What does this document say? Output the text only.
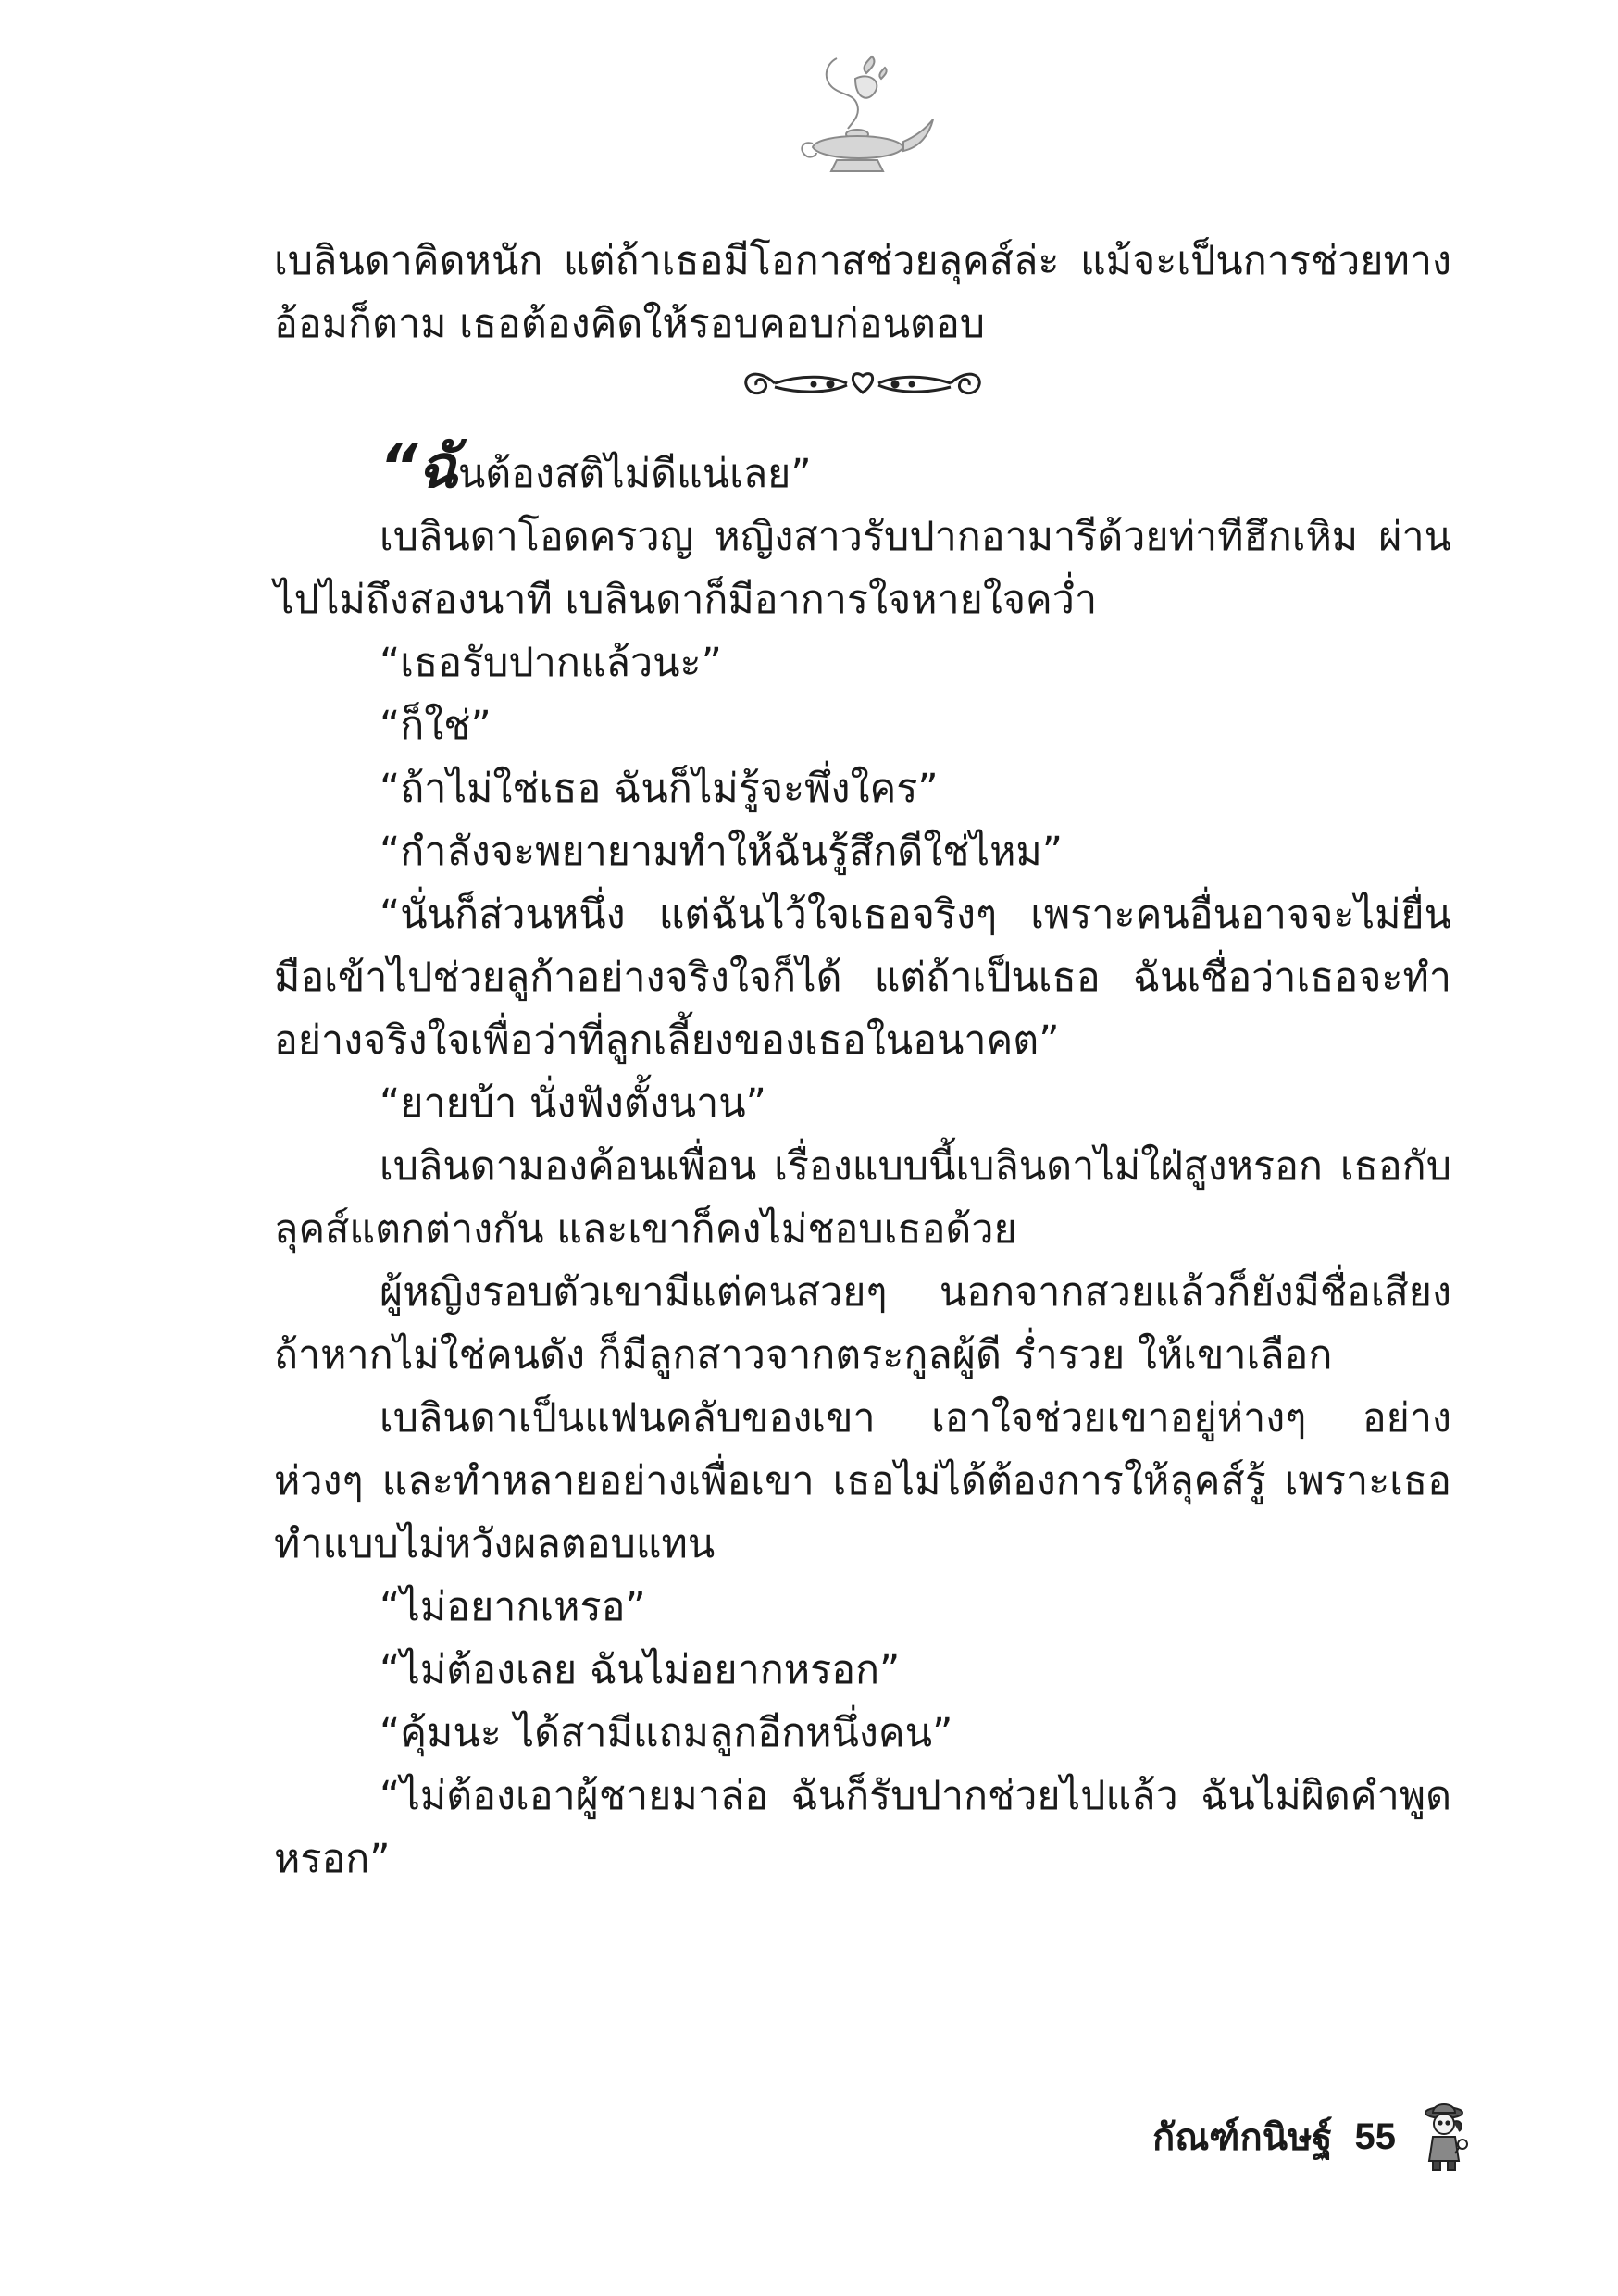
เบลินดาคิดหนัก แต่ถ้าเธอมีโอกาสช่วยลุคส์ล่ะ แม้จะเป็นการช่วยทางอ้อมก็ตาม เธอต้องคิดให้รอบคอบก่อนตอบ

“ฉันต้องสติไม่ดีแน่เลย”

เบลินดาโอดครวญ หญิงสาวรับปากอามารีด้วยท่าทีฮึกเหิม ผ่านไปไม่ถึงสองนาที เบลินดาก็มีอาการใจหายใจคว่ำ

“เธอรับปากแล้วนะ”

“ก็ใช่”

“ถ้าไม่ใช่เธอ ฉันก็ไม่รู้จะพึ่งใคร”

“กำลังจะพยายามทำให้ฉันรู้สึกดีใช่ไหม”

“นั่นก็ส่วนหนึ่ง แต่ฉันไว้ใจเธอจริงๆ เพราะคนอื่นอาจจะไม่ยื่นมือเข้าไปช่วยลูก้าอย่างจริงใจก็ได้ แต่ถ้าเป็นเธอ ฉันเชื่อว่าเธอจะทำอย่างจริงใจเพื่อว่าที่ลูกเลี้ยงของเธอในอนาคต”

“ยายบ้า นั่งฟังตั้งนาน”

เบลินดามองค้อนเพื่อน เรื่องแบบนี้เบลินดาไม่ใฝ่สูงหรอก เธอกับลุคส์แตกต่างกัน และเขาก็คงไม่ชอบเธอด้วย

ผู้หญิงรอบตัวเขามีแต่คนสวยๆ นอกจากสวยแล้วก็ยังมีชื่อเสียง ถ้าหากไม่ใช่คนดัง ก็มีลูกสาวจากตระกูลผู้ดี ร่ำรวย ให้เขาเลือก

เบลินดาเป็นแฟนคลับของเขา เอาใจช่วยเขาอยู่ห่างๆ อย่างห่วงๆ และทำหลายอย่างเพื่อเขา เธอไม่ได้ต้องการให้ลุคส์รู้ เพราะเธอทำแบบไม่หวังผลตอบแทน

“ไม่อยากเหรอ”

“ไม่ต้องเลย ฉันไม่อยากหรอก”

“คุ้มนะ ได้สามีแถมลูกอีกหนึ่งคน”

“ไม่ต้องเอาผู้ชายมาล่อ ฉันก็รับปากช่วยไปแล้ว ฉันไม่ผิดคำพูดหรอก”

กัณฑ์กนิษฐ์ 55
